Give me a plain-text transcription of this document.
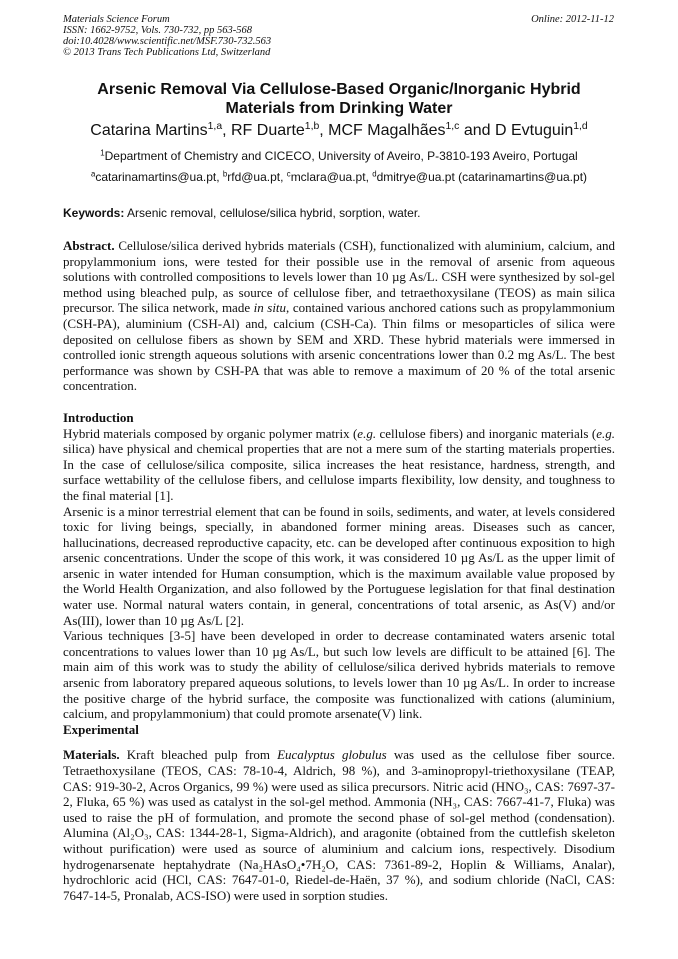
Materials Science Forum
ISSN: 1662-9752, Vols. 730-732, pp 563-568
doi:10.4028/www.scientific.net/MSF.730-732.563
© 2013 Trans Tech Publications Ltd, Switzerland
Online: 2012-11-12
Arsenic Removal Via Cellulose-Based Organic/Inorganic Hybrid
Materials from Drinking Water
Catarina Martins$^{1,a}$, RF Duarte$^{1,b}$, MCF Magalhães$^{1,c}$ and D Evtuguin$^{1,d}$
$^1$Department of Chemistry and CICECO, University of Aveiro, P-3810-193 Aveiro, Portugal
$^a$catarinamartins@ua.pt, $^b$rfd@ua.pt, $^c$mclara@ua.pt, $^d$dmitrye@ua.pt (catarinamartins@ua.pt)
Keywords: Arsenic removal, cellulose/silica hybrid, sorption, water.

Abstract. Cellulose/silica derived hybrids materials (CSH), functionalized with aluminium, calcium, and propylammonium ions, were tested for their possible use in the removal of arsenic from aqueous solutions with controlled compositions to levels lower than 10 µg As/L. CSH were synthesized by sol-gel method using bleached pulp, as source of cellulose fiber, and tetraethoxysilane (TEOS) as main silica precursor. The silica network, made in situ, contained various anchored cations such as propylammonium (CSH-PA), aluminium (CSH-Al) and, calcium (CSH-Ca). Thin films or mesoparticles of silica were deposited on cellulose fibers as shown by SEM and XRD. These hybrid materials were immersed in controlled ionic strength aqueous solutions with arsenic concentrations lower than 0.2 mg As/L. The best performance was shown by CSH-PA that was able to remove a maximum of 20 % of the total arsenic concentration.

Introduction

Hybrid materials composed by organic polymer matrix (e.g. cellulose fibers) and inorganic materials (e.g. silica) have physical and chemical properties that are not a mere sum of the starting materials properties. In the case of cellulose/silica composite, silica increases the heat resistance, hardness, strength, and surface wettability of the cellulose fibers, and cellulose imparts flexibility, low density, and toughness to the final material [1].

Arsenic is a minor terrestrial element that can be found in soils, sediments, and water, at levels considered toxic for living beings, specially, in abandoned former mining areas. Diseases such as cancer, hallucinations, decreased reproductive capacity, etc. can be developed after continuous exposition to high arsenic concentrations. Under the scope of this work, it was considered 10 µg As/L as the upper limit of arsenic in water intended for Human consumption, which is the maximum available value proposed by the World Health Organization, and also followed by the Portuguese legislation for that final destination water use. Normal natural waters contain, in general, concentrations of total arsenic, as As(V) and/or As(III), lower than 10 µg As/L [2].

Various techniques [3-5] have been developed in order to decrease contaminated waters arsenic total concentrations to values lower than 10 µg As/L, but such low levels are difficult to be attained [6]. The main aim of this work was to study the ability of cellulose/silica derived hybrids materials to remove arsenic from laboratory prepared aqueous solutions, to levels lower than 10 µg As/L. In order to increase the positive charge of the hybrid surface, the composite was functionalized with cations (aluminium, calcium, and propylammonium) that could promote arsenate(V) link.

Experimental

Materials. Kraft bleached pulp from Eucalyptus globulus was used as the cellulose fiber source. Tetraethoxysilane (TEOS, CAS: 78-10-4, Aldrich, 98 %), and 3-aminopropyl-triethoxysilane (TEAP, CAS: 919-30-2, Acros Organics, 99 %) were used as silica precursors. Nitric acid (HNO₃, CAS: 7697-37-2, Fluka, 65 %) was used as catalyst in the sol-gel method. Ammonia (NH₃, CAS: 7667-41-7, Fluka) was used to raise the pH of formulation, and promote the second phase of sol-gel method (condensation). Alumina (Al₂O₃, CAS: 1344-28-1, Sigma-Aldrich), and aragonite (obtained from the cuttlefish skeleton without purification) were used as source of aluminium and calcium ions, respectively. Disodium hydrogenarsenate heptahydrate (Na₂HAsO₄•7H₂O, CAS: 7361-89-2, Hoplin & Williams, Analar), hydrochloric acid (HCl, CAS: 7647-01-0, Riedel-de-Haën, 37 %), and sodium chloride (NaCl, CAS: 7647-14-5, Pronalab, ACS-ISO) were used in sorption studies.
